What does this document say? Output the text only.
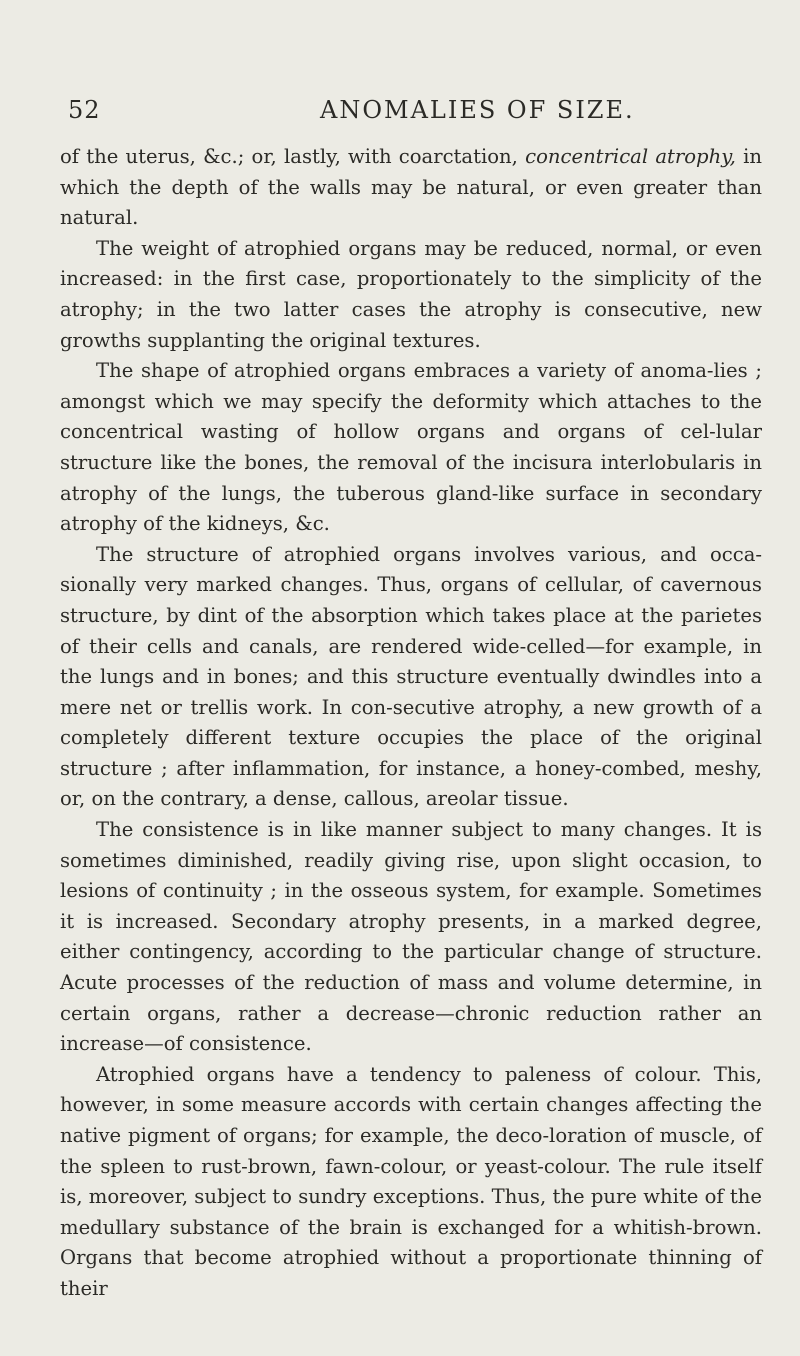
52	ANOMALIES OF SIZE.

of the uterus, &c.; or, lastly, with coarctation, concentrical atrophy, in which the depth of the walls may be natural, or even greater than natural.

The weight of atrophied organs may be reduced, normal, or even increased: in the first case, proportionately to the simplicity of the atrophy; in the two latter cases the atrophy is consecutive, new growths supplanting the original textures.

The shape of atrophied organs embraces a variety of anoma-lies ; amongst which we may specify the deformity which attaches to the concentrical wasting of hollow organs and organs of cel-lular structure like the bones, the removal of the incisura interlobularis in atrophy of the lungs, the tuberous gland-like surface in secondary atrophy of the kidneys, &c.

The structure of atrophied organs involves various, and occa-sionally very marked changes. Thus, organs of cellular, of cavernous structure, by dint of the absorption which takes place at the parietes of their cells and canals, are rendered wide-celled—for example, in the lungs and in bones; and this structure eventually dwindles into a mere net or trellis work. In con-secutive atrophy, a new growth of a completely different texture occupies the place of the original structure ; after inflammation, for instance, a honey-combed, meshy, or, on the contrary, a dense, callous, areolar tissue.

The consistence is in like manner subject to many changes. It is sometimes diminished, readily giving rise, upon slight occasion, to lesions of continuity ; in the osseous system, for example. Sometimes it is increased. Secondary atrophy presents, in a marked degree, either contingency, according to the particular change of structure. Acute processes of the reduction of mass and volume determine, in certain organs, rather a decrease—chronic reduction rather an increase—of consistence.

Atrophied organs have a tendency to paleness of colour. This, however, in some measure accords with certain changes affecting the native pigment of organs; for example, the deco-loration of muscle, of the spleen to rust-brown, fawn-colour, or yeast-colour. The rule itself is, moreover, subject to sundry exceptions. Thus, the pure white of the medullary substance of the brain is exchanged for a whitish-brown. Organs that become atrophied without a proportionate thinning of their
